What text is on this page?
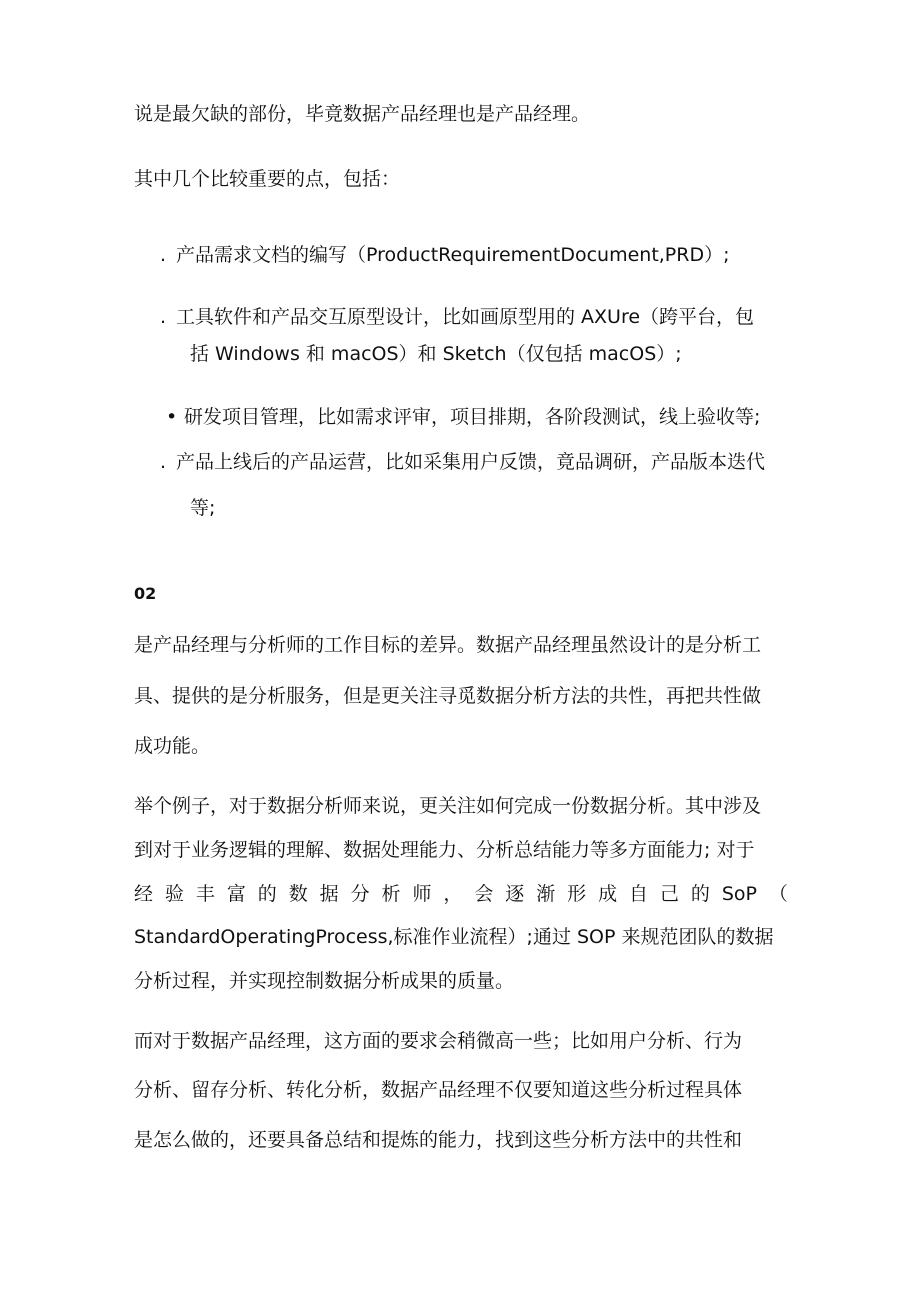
说是最欠缺的部份，毕竟数据产品经理也是产品经理。

其中几个比较重要的点，包括：

. 产品需求文档的编写（ProductRequirementDocument,PRD）;
. 工具软件和产品交互原型设计，比如画原型用的 AXUre（跨平台，包
括 Windows 和 macOS）和 Sketch（仅包括 macOS）;
• 研发项目管理，比如需求评审，项目排期，各阶段测试，线上验收等;
. 产品上线后的产品运营，比如采集用户反馈，竟品调研，产品版本迭代
等;
02

是产品经理与分析师的工作目标的差异。数据产品经理虽然设计的是分析工

具、提供的是分析服务，但是更关注寻觅数据分析方法的共性，再把共性做

成功能。

举个例子，对于数据分析师来说，更关注如何完成一份数据分析。其中涉及

到对于业务逻辑的理解、数据处理能力、分析总结能力等多方面能力; 对于

经 验 丰 富 的 数 据 分 析 师 ， 会 逐 渐 形 成 自 己 的 SoP （

StandardOperatingProcess,标准作业流程）;通过 SOP 来规范团队的数据

分析过程，并实现控制数据分析成果的质量。

而对于数据产品经理，这方面的要求会稍微高一些；比如用户分析、行为

分析、留存分析、转化分析，数据产品经理不仅要知道这些分析过程具体

是怎么做的，还要具备总结和提炼的能力，找到这些分析方法中的共性和
